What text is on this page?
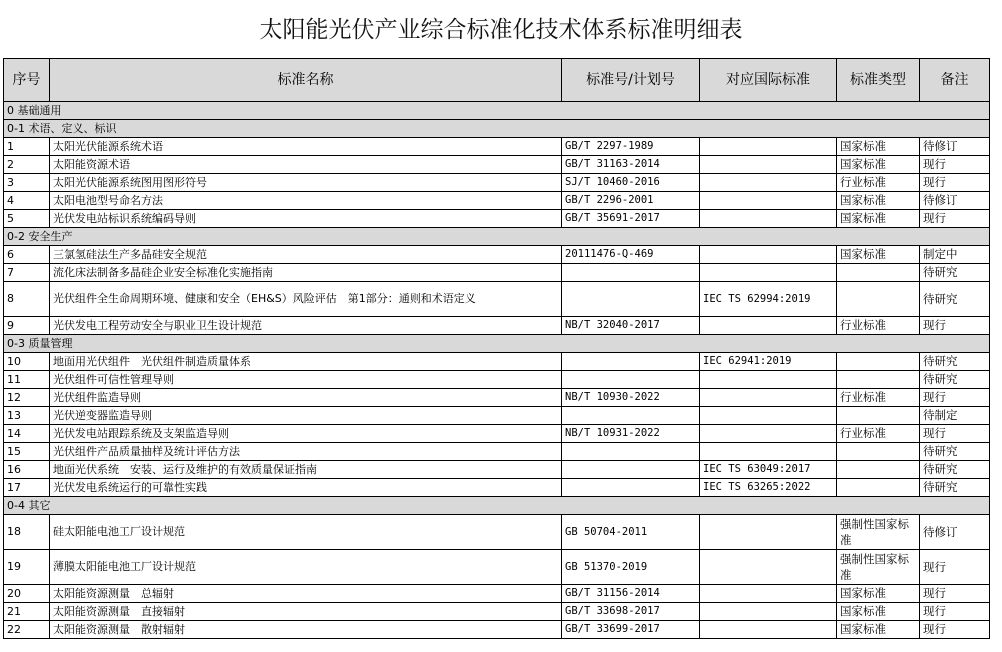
太阳能光伏产业综合标准化技术体系标准明细表
序号	标准名称	标准号/计划号	对应国际标准	标准类型	备注
0 基础通用					
0-1 术语、定义、标识					
1	太阳光伏能源系统术语	GB/T 2297-1989		国家标准	待修订
2	太阳能资源术语	GB/T 31163-2014		国家标准	现行
3	太阳光伏能源系统图用图形符号	SJ/T 10460-2016		行业标准	现行
4	太阳电池型号命名方法	GB/T 2296-2001		国家标准	待修订
5	光伏发电站标识系统编码导则	GB/T 35691-2017		国家标准	现行
0-2 安全生产					
6	三氯氢硅法生产多晶硅安全规范	20111476-Q-469		国家标准	制定中
7	流化床法制备多晶硅企业安全标准化实施指南				待研究
8	光伏组件全生命周期环境、健康和安全（EH&S）风险评估　第1部分：通则和术语定义		IEC TS 62994:2019		待研究
9	光伏发电工程劳动安全与职业卫生设计规范	NB/T 32040-2017		行业标准	现行
0-3 质量管理					
10	地面用光伏组件　光伏组件制造质量体系		IEC 62941:2019		待研究
11	光伏组件可信性管理导则				待研究
12	光伏组件监造导则	NB/T 10930-2022		行业标准	现行
13	光伏逆变器监造导则				待制定
14	光伏发电站跟踪系统及支架监造导则	NB/T 10931-2022		行业标准	现行
15	光伏组件产品质量抽样及统计评估方法				待研究
16	地面光伏系统　安装、运行及维护的有效质量保证指南		IEC TS 63049:2017		待研究
17	光伏发电系统运行的可靠性实践		IEC TS 63265:2022		待研究
0-4 其它					
18	硅太阳能电池工厂设计规范	GB 50704-2011		强制性国家标准	待修订
19	薄膜太阳能电池工厂设计规范	GB 51370-2019		强制性国家标准	现行
20	太阳能资源测量　总辐射	GB/T 31156-2014		国家标准	现行
21	太阳能资源测量　直接辐射	GB/T 33698-2017		国家标准	现行
22	太阳能资源测量　散射辐射	GB/T 33699-2017		国家标准	现行
